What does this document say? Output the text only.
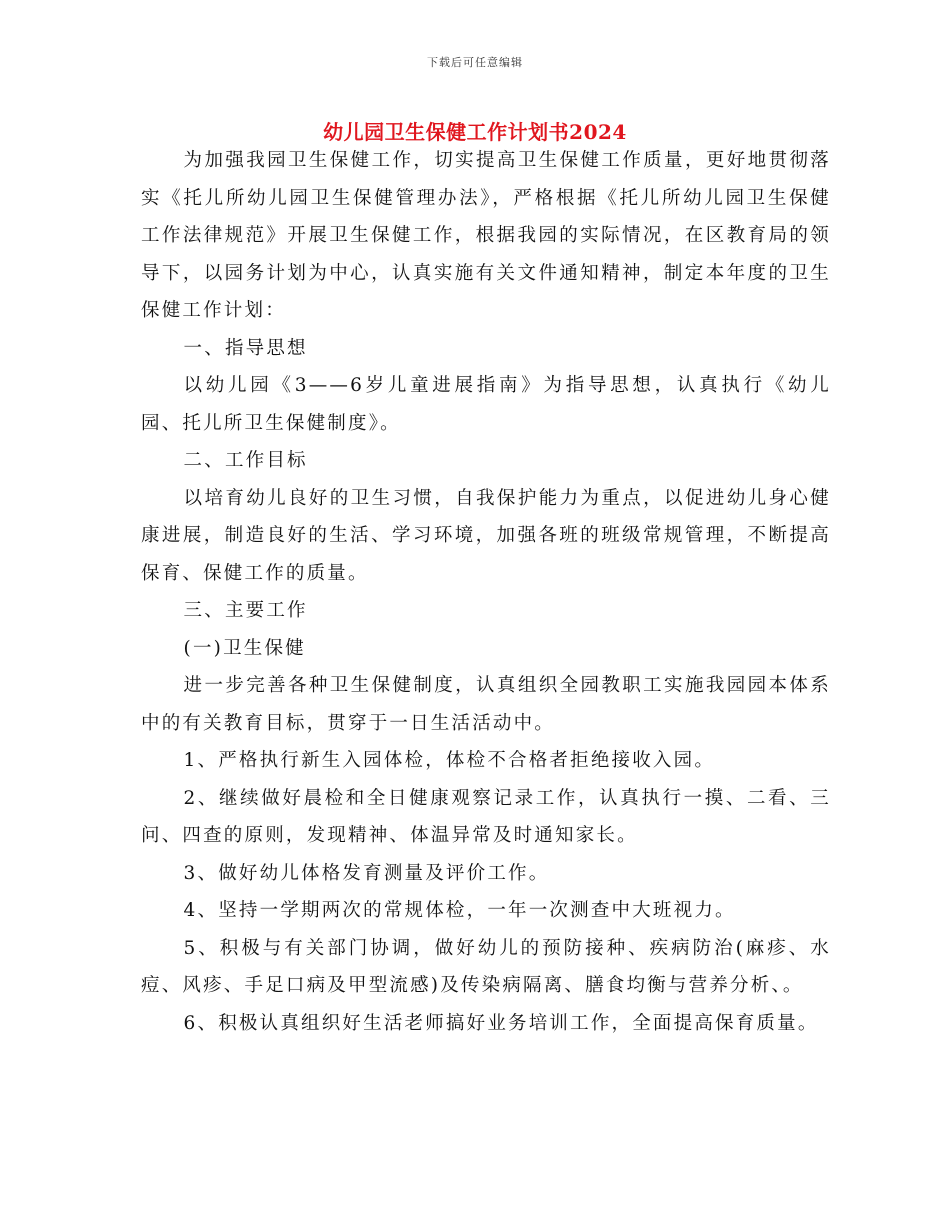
下载后可任意编辑
幼儿园卫生保健工作计划书2024

为加强我园卫生保健工作，切实提高卫生保健工作质量，更好地贯彻落实《托儿所幼儿园卫生保健管理办法》，严格根据《托儿所幼儿园卫生保健工作法律规范》开展卫生保健工作，根据我园的实际情况，在区教育局的领导下，以园务计划为中心，认真实施有关文件通知精神，制定本年度的卫生保健工作计划：

一、指导思想

以幼儿园《3——6岁儿童进展指南》为指导思想，认真执行《幼儿园、托儿所卫生保健制度》。

二、工作目标

以培育幼儿良好的卫生习惯，自我保护能力为重点，以促进幼儿身心健康进展，制造良好的生活、学习环境，加强各班的班级常规管理，不断提高保育、保健工作的质量。

三、主要工作

(一)卫生保健

进一步完善各种卫生保健制度，认真组织全园教职工实施我园园本体系中的有关教育目标，贯穿于一日生活活动中。

1、严格执行新生入园体检，体检不合格者拒绝接收入园。

2、继续做好晨检和全日健康观察记录工作，认真执行一摸、二看、三问、四查的原则，发现精神、体温异常及时通知家长。

3、做好幼儿体格发育测量及评价工作。

4、坚持一学期两次的常规体检，一年一次测查中大班视力。

5、积极与有关部门协调，做好幼儿的预防接种、疾病防治(麻疹、水痘、风疹、手足口病及甲型流感)及传染病隔离、膳食均衡与营养分析、。

6、积极认真组织好生活老师搞好业务培训工作，全面提高保育质量。
